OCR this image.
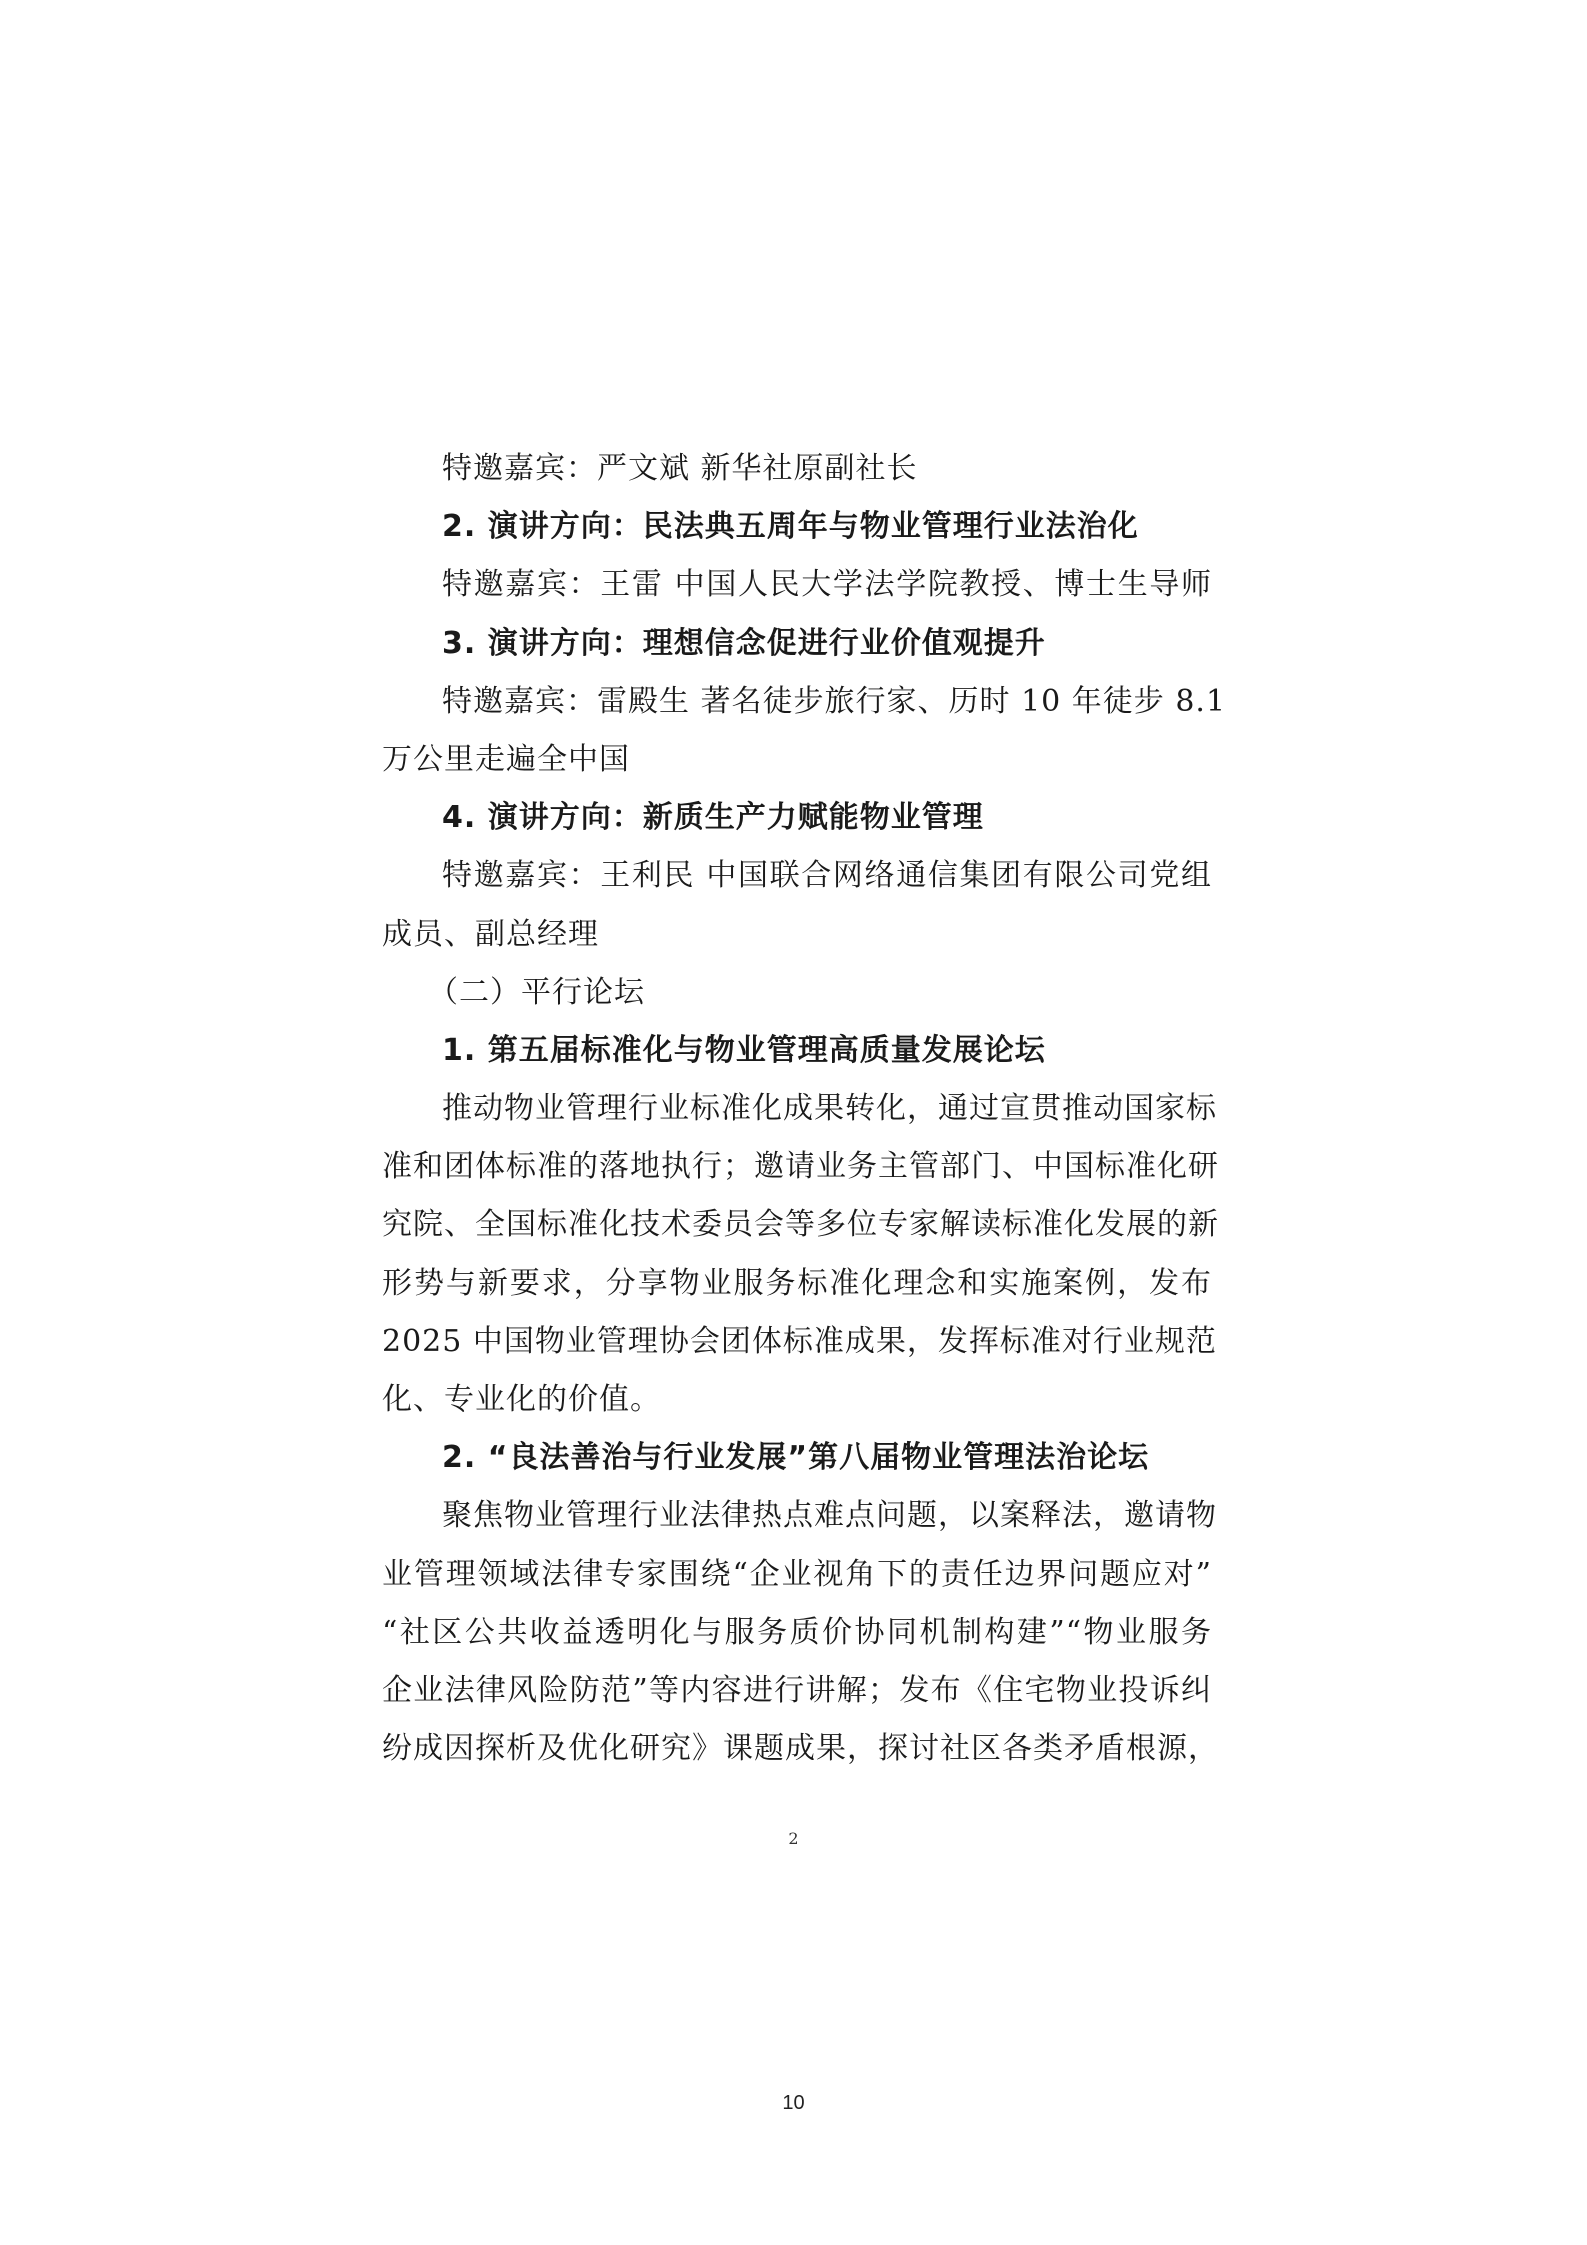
特邀嘉宾：严文斌 新华社原副社长
2. 演讲方向：民法典五周年与物业管理行业法治化
特邀嘉宾：王雷 中国人民大学法学院教授、博士生导师
3. 演讲方向：理想信念促进行业价值观提升
特邀嘉宾：雷殿生 著名徒步旅行家、历时 10 年徒步 8.1
万公里走遍全中国
4. 演讲方向：新质生产力赋能物业管理
特邀嘉宾：王利民 中国联合网络通信集团有限公司党组
成员、副总经理
（二）平行论坛
1. 第五届标准化与物业管理高质量发展论坛
推动物业管理行业标准化成果转化，通过宣贯推动国家标
准和团体标准的落地执行；邀请业务主管部门、中国标准化研
究院、全国标准化技术委员会等多位专家解读标准化发展的新
形势与新要求，分享物业服务标准化理念和实施案例，发布
2025 中国物业管理协会团体标准成果，发挥标准对行业规范
化、专业化的价值。
2. “良法善治与行业发展”第八届物业管理法治论坛
聚焦物业管理行业法律热点难点问题，以案释法，邀请物
业管理领域法律专家围绕“企业视角下的责任边界问题应对”
“社区公共收益透明化与服务质价协同机制构建”“物业服务
企业法律风险防范”等内容进行讲解；发布《住宅物业投诉纠
纷成因探析及优化研究》课题成果，探讨社区各类矛盾根源，
2
10
